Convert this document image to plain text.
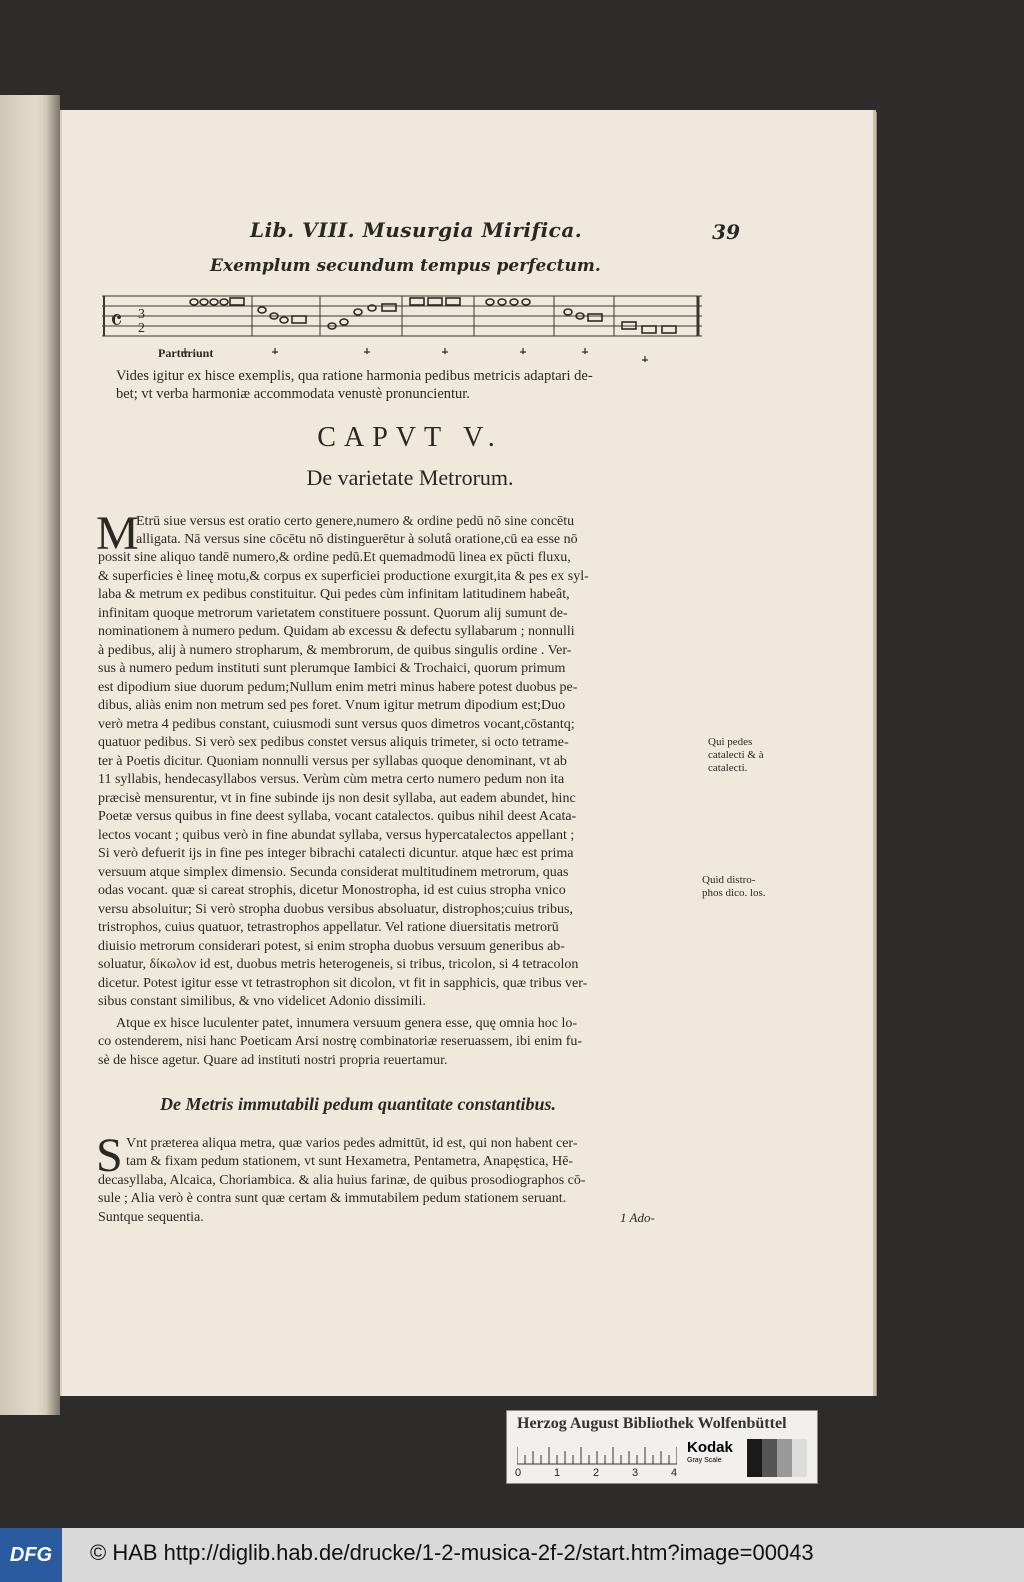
Lib. VIII. Musurgia Mirifica.	39
Exemplum secundum tempus perfectum.
𝄴 3
2
Parturiunt
Vides igitur ex hisce exemplis, qua ratione harmonia pedibus metricis adaptari de-
bet; vt verba harmoniæ accommodata venustè pronuncientur.
CAPVT V.
De varietate Metrorum.
M
Etrū siue versus est oratio certo genere,numero & ordine pedū nō sine concētu
alligata. Nā versus sine cōcētu nō distinguerētur à solutâ oratione,cū ea esse nō
possit sine aliquo tandē numero,& ordine pedū.Et quemadmodū linea ex pūcti fluxu,
& superficies è lineę motu,& corpus ex superficiei productione exurgit,ita & pes ex syl-
laba & metrum ex pedibus constituitur. Qui pedes cùm infinitam latitudinem habeât,
infinitam quoque metrorum varietatem constituere possunt. Quorum alij sumunt de-
nominationem à numero pedum. Quidam ab excessu & defectu syllabarum ; nonnulli
à pedibus, alij à numero stropharum, & membrorum, de quibus singulis ordine . Ver-
sus à numero pedum instituti sunt plerumque Iambici & Trochaici, quorum primum
est dipodium siue duorum pedum;Nullum enim metri minus habere potest duobus pe-
dibus, aliàs enim non metrum sed pes foret. Vnum igitur metrum dipodium est;Duo
verò metra 4 pedibus constant, cuiusmodi sunt versus quos dimetros vocant,cōstantq;
quatuor pedibus. Si verò sex pedibus constet versus aliquis trimeter, si octo tetrame-
ter à Poetis dicitur. Quoniam nonnulli versus per syllabas quoque denominant, vt ab
11 syllabis, hendecasyllabos versus. Verùm cùm metra certo numero pedum non ita
præcisè mensurentur, vt in fine subinde ijs non desit syllaba, aut eadem abundet, hinc
Poetæ versus quibus in fine deest syllaba, vocant catalectos. quibus nihil deest Acata-
lectos vocant ; quibus verò in fine abundat syllaba, versus hypercatalectos appellant ;
Si verò defuerit ijs in fine pes integer bibrachi catalecti dicuntur. atque hæc est prima
versuum atque simplex dimensio. Secunda considerat multitudinem metrorum, quas
odas vocant. quæ si careat strophis, dicetur Monostropha, id est cuius stropha vnico
versu absoluitur; Si verò stropha duobus versibus absoluatur, distrophos;cuius tribus,
tristrophos, cuius quatuor, tetrastrophos appellatur. Vel ratione diuersitatis metrorū
diuisio metrorum considerari potest, si enim stropha duobus versuum generibus ab-
soluatur, δίκωλον id est, duobus metris heterogeneis, si tribus, tricolon, si 4 tetracolon
dicetur. Potest igitur esse vt tetrastrophon sit dicolon, vt fit in sapphicis, quæ tribus ver-
sibus constant similibus, & vno videlicet Adonio dissimili.
Atque ex hisce luculenter patet, innumera versuum genera esse, quę omnia hoc lo-
co ostenderem, nisi hanc Poeticam Arsi nostrę combinatoriæ reseruassem, ibi enim fu-
sè de hisce agetur. Quare ad instituti nostri propria reuertamur.
Qui pedes catalecti & à catalecti.
Quid distro- phos dico. los.
De Metris immutabili pedum quantitate constantibus.
S Vnt præterea aliqua metra, quæ varios pedes admittūt, id est, qui non habent cer-
tam & fixam pedum stationem, vt sunt Hexametra, Pentametra, Anapęstica, Hē-
decasyllaba, Alcaica, Choriambica. & alia huius farinæ, de quibus prosodiographos cō-
sule ; Alia verò è contra sunt quæ certam & immutabilem pedum stationem seruant.
Suntque sequentia.	1 Ado-
Herzog August Bibliothek Wolfenbüttel
0	1	2	3	4
Kodak
Gray Scale
DFG	© HAB http://diglib.hab.de/drucke/1-2-musica-2f-2/start.htm?image=00043
